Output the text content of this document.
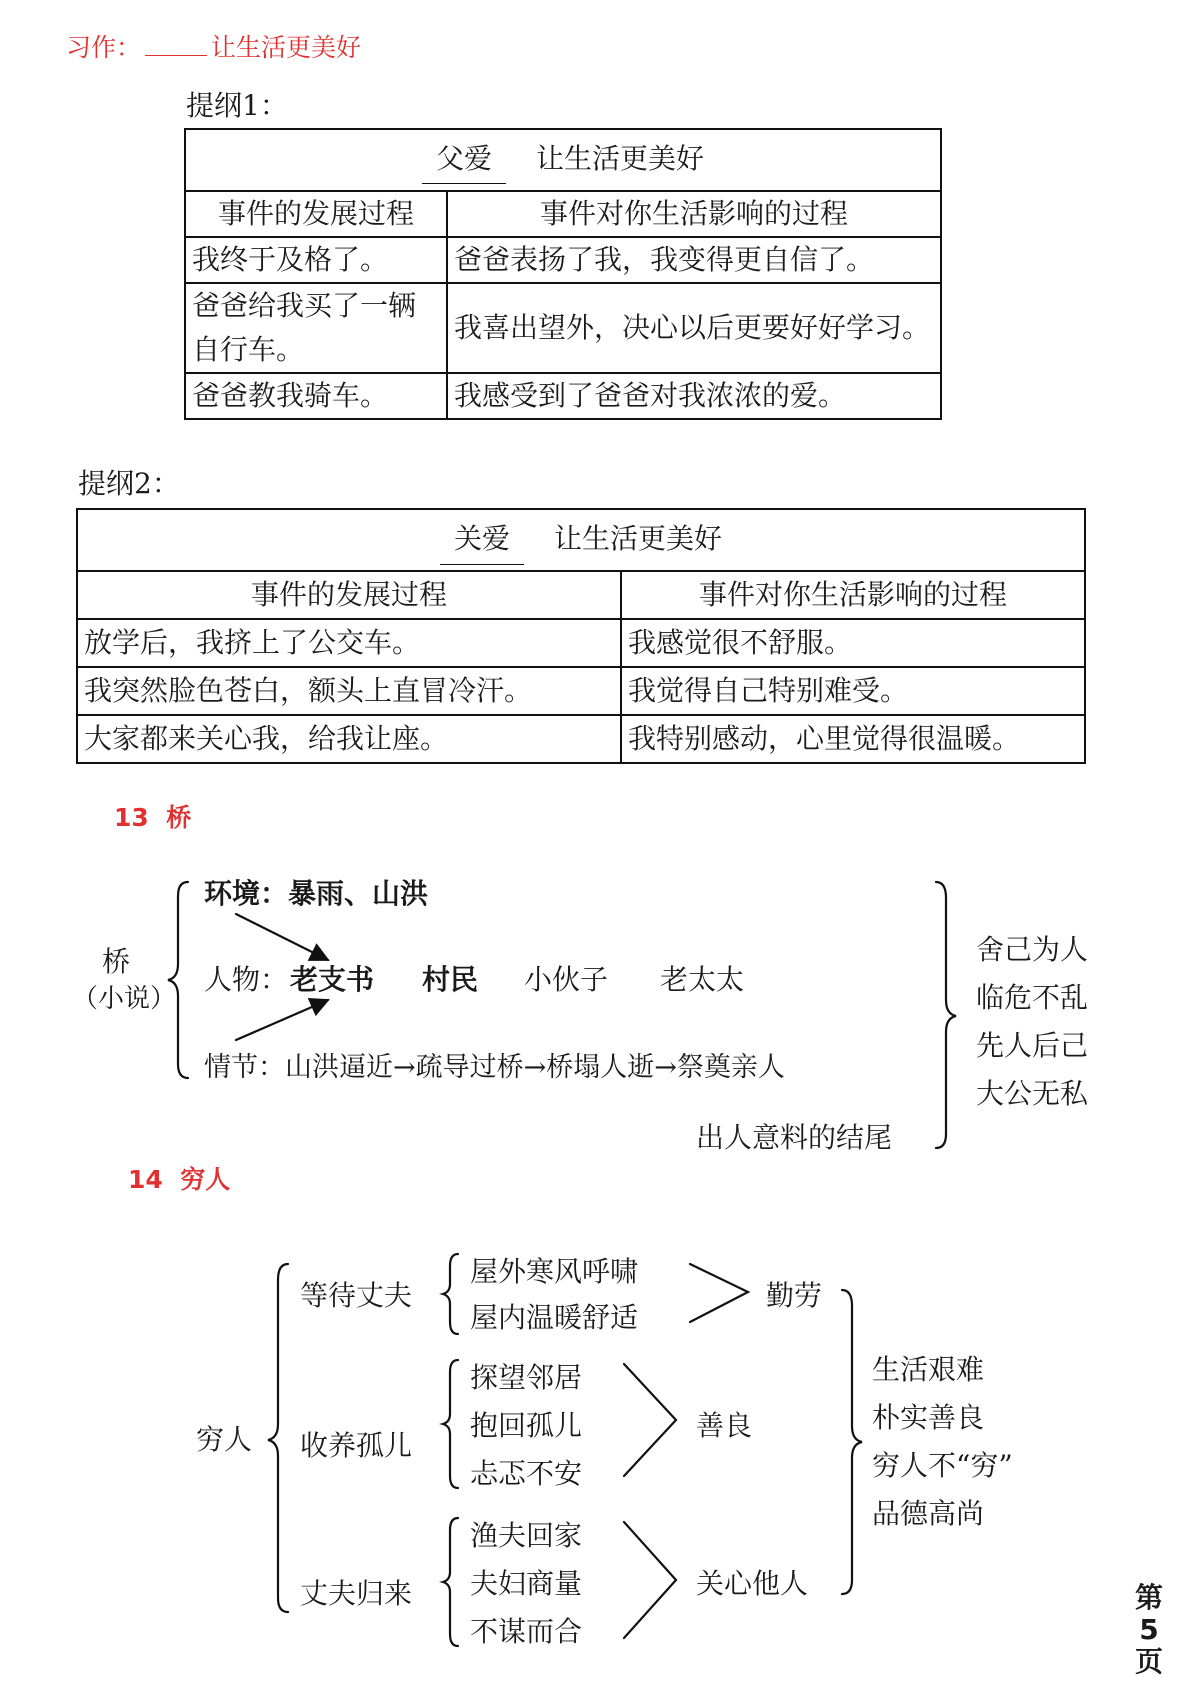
习作：	让生活更美好
提纲1：
父爱 让生活更美好	
事件的发展过程	事件对你生活影响的过程
我终于及格了。	爸爸表扬了我，我变得更自信了。
爸爸给我买了一辆自行车。	我喜出望外，决心以后更要好好学习。
爸爸教我骑车。	我感受到了爸爸对我浓浓的爱。
提纲2：
关爱 让生活更美好	
事件的发展过程	事件对你生活影响的过程
放学后，我挤上了公交车。	我感觉很不舒服。
我突然脸色苍白，额头上直冒冷汗。	我觉得自己特别难受。
大家都来关心我，给我让座。	我特别感动，心里觉得很温暖。
13 桥
桥
（小说）
环境：暴雨、山洪
人物： 老支书 村民 小伙子 老太太
情节：山洪逼近→疏导过桥→桥塌人逝→祭奠亲人
出人意料的结尾
舍己为人
临危不乱
先人后己
大公无私
14 穷人
穷人
等待丈夫
收养孤儿
丈夫归来
屋外寒风呼啸
屋内温暖舒适
探望邻居
抱回孤儿
忐忑不安
渔夫回家
夫妇商量
不谋而合
勤劳
善良
关心他人
生活艰难
朴实善良
穷人不“穷”
品德高尚
第5页
